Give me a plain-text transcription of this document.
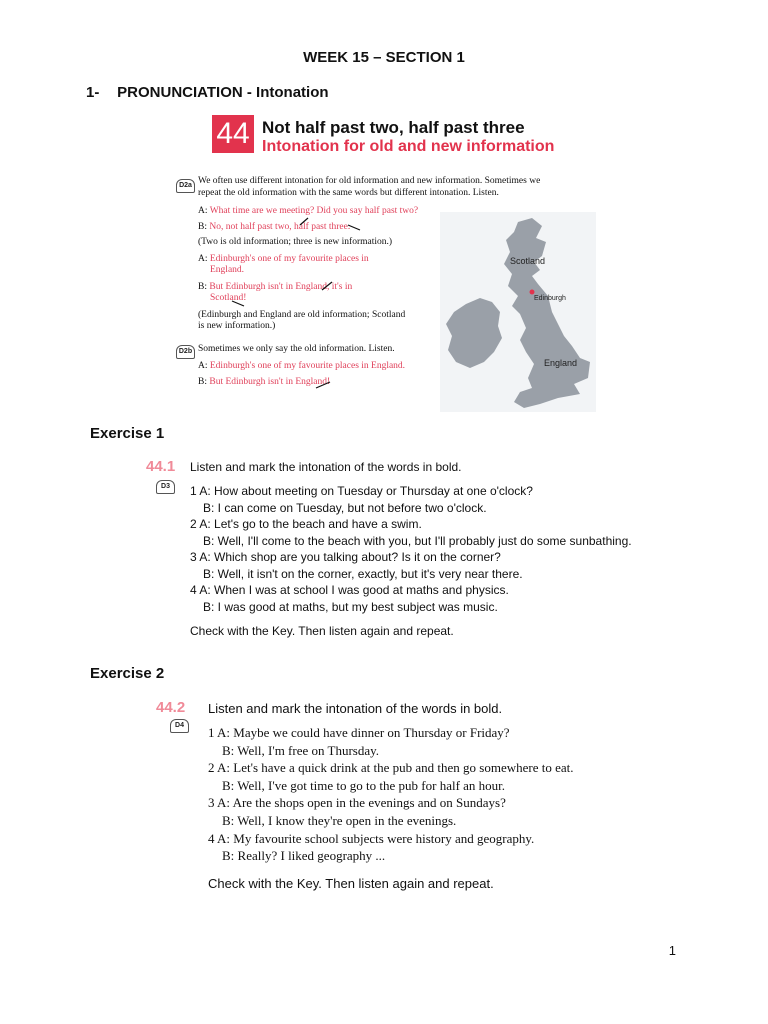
WEEK 15 – SECTION 1
1- PRONUNCIATION - Intonation
44 Not half past two, half past three
Intonation for old and new information
D2a We often use different intonation for old information and new information. Sometimes we
repeat the old information with the same words but different intonation. Listen.
A: What time are we meeting? Did you say half past two?
B: No, not half past two, half past three.
(Two is old information; three is new information.)
A: Edinburgh's one of my favourite places in
England.
B: But Edinburgh isn't in England, it's in
Scotland!
(Edinburgh and England are old information; Scotland
is new information.)
D2b Sometimes we only say the old information. Listen.
A: Edinburgh's one of my favourite places in England.
B: But Edinburgh isn't in England!
Scotland
Edinburgh
England
Exercise 1
44.1 Listen and mark the intonation of the words in bold.
D3	1 A: How about meeting on Tuesday or Thursday at one o'clock?
B: I can come on Tuesday, but not before two o'clock.
2 A: Let's go to the beach and have a swim.
B: Well, I'll come to the beach with you, but I'll probably just do some sunbathing.
3 A: Which shop are you talking about? Is it on the corner?
B: Well, it isn't on the corner, exactly, but it's very near there.
4 A: When I was at school I was good at maths and physics.
B: I was good at maths, but my best subject was music.
Check with the Key. Then listen again and repeat.
Exercise 2
44.2 Listen and mark the intonation of the words in bold.
D4	1 A: Maybe we could have dinner on Thursday or Friday?
B: Well, I'm free on Thursday.
2 A: Let's have a quick drink at the pub and then go somewhere to eat.
B: Well, I've got time to go to the pub for half an hour.
3 A: Are the shops open in the evenings and on Sundays?
B: Well, I know they're open in the evenings.
4 A: My favourite school subjects were history and geography.
B: Really? I liked geography ...
Check with the Key. Then listen again and repeat.
1
